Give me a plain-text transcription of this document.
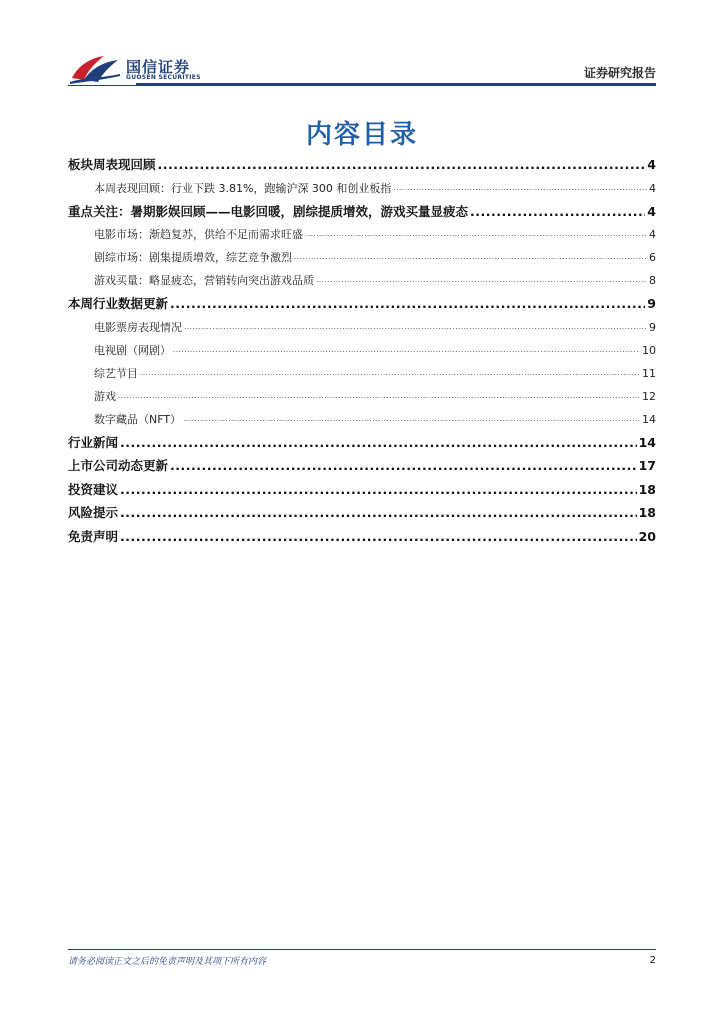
国信证券
GUOSEN SECURITIES	证券研究报告
内容目录
板块周表现回顾 .....	4
本周表现回顾：行业下跌 3.81%，跑输沪深 300 和创业板指 .....	4
重点关注：暑期影娱回顾——电影回暖，剧综提质增效，游戏买量显疲态 .....	4
电影市场：渐趋复苏，供给不足而需求旺盛 .....	4
剧综市场：剧集提质增效，综艺竞争激烈 .....	6
游戏买量：略显疲态，营销转向突出游戏品质 .....	8
本周行业数据更新 .....	9
电影票房表现情况 .....	9
电视剧（网剧） .....	10
综艺节目 .....	11
游戏 .....	12
数字藏品（NFT） .....	14
行业新闻 .....	14
上市公司动态更新 .....	17
投资建议 .....	18
风险提示 .....	18
免责声明 .....	20
请务必阅读正文之后的免责声明及其项下所有内容	2
